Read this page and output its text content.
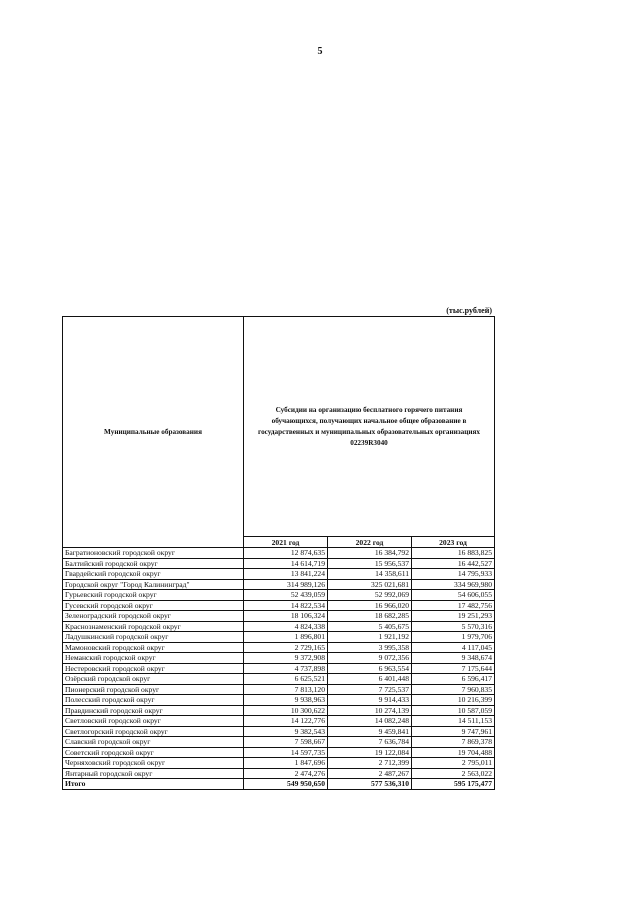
5
(тыс.рублей)
Муниципальные образования	Субсидии на организацию бесплатного горячего питания обучающихся, получающих начальное общее образование в государственных и муниципальных образовательных организациях 02239R3040		
	2021 год	2022 год	2023 год
Багратионовский городской округ	12 874,635	16 384,792	16 883,825
Балтийский городской округ	14 614,719	15 956,537	16 442,527
Гвардейский городской округ	13 841,224	14 358,611	14 795,933
Городской округ "Город Калининград"	314 989,126	325 021,681	334 969,980
Гурьевский городской округ	52 439,059	52 992,069	54 606,055
Гусевский городской округ	14 822,534	16 966,020	17 482,756
Зеленоградский городской округ	18 106,324	18 682,285	19 251,293
Краснознаменский городской округ	4 824,338	5 405,675	5 570,316
Ладушкинский городской округ	1 896,801	1 921,192	1 979,706
Мамоновский городской округ	2 729,165	3 995,358	4 117,045
Неманский городской округ	9 372,908	9 072,356	9 348,674
Нестеровский городской округ	4 737,898	6 963,554	7 175,644
Озёрский городской округ	6 625,521	6 401,448	6 596,417
Пионерский городской округ	7 813,120	7 725,537	7 960,835
Полесский городской округ	9 938,963	9 914,433	10 216,399
Правдинский городской округ	10 300,622	10 274,139	10 587,059
Светловский городской округ	14 122,776	14 082,248	14 511,153
Светлогорский городской округ	9 382,543	9 459,841	9 747,961
Славский городской округ	7 598,667	7 636,784	7 869,378
Советский городской округ	14 597,735	19 122,084	19 704,488
Черняховский городской округ	1 847,696	2 712,399	2 795,011
Янтарный городской округ	2 474,276	2 487,267	2 563,022
Итого	549 950,650	577 536,310	595 175,477
